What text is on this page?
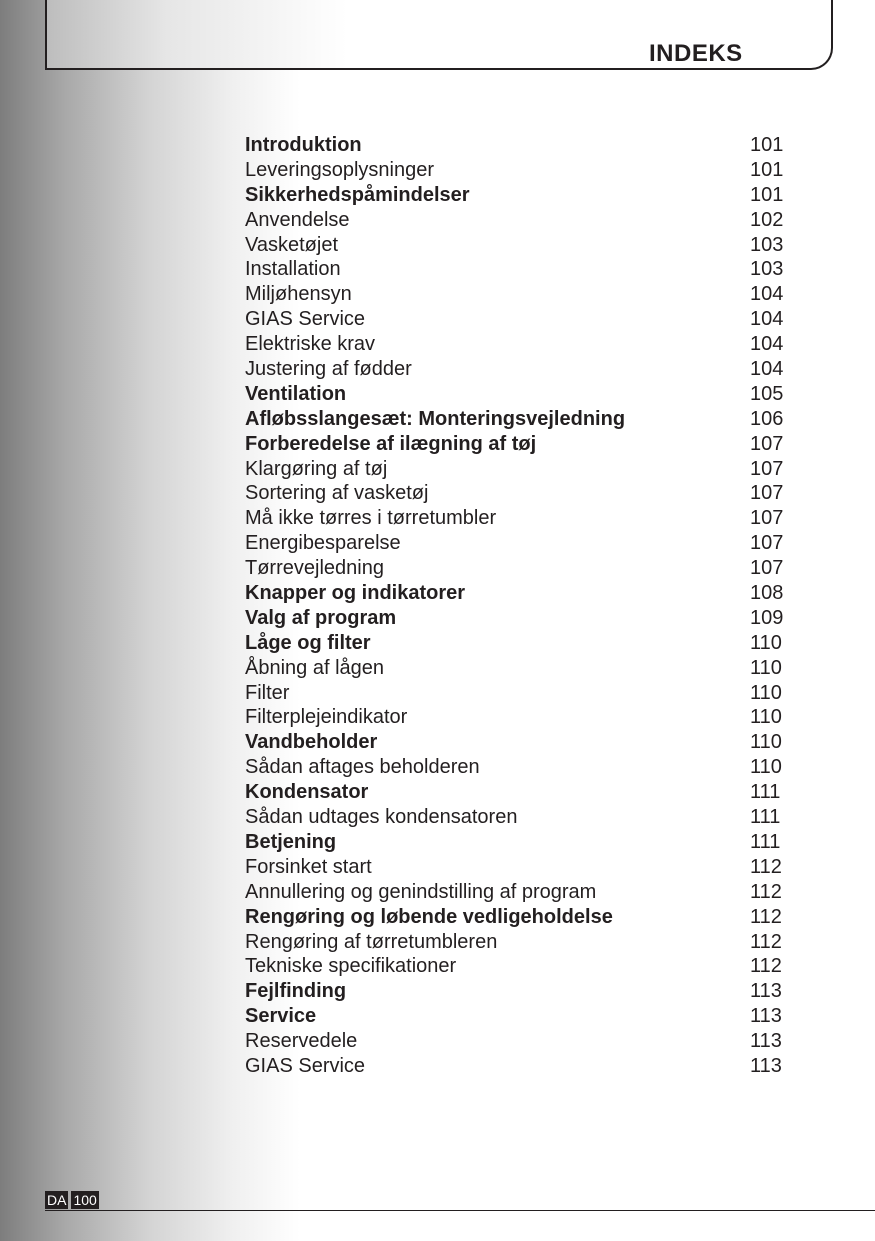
INDEKS
Introduktion	101
Leveringsoplysninger	101
Sikkerhedspåmindelser	101
Anvendelse	102
Vasketøjet	103
Installation	103
Miljøhensyn	104
GIAS Service	104
Elektriske krav	104
Justering af fødder	104
Ventilation	105
Afløbsslangesæt: Monteringsvejledning	106
Forberedelse af ilægning af tøj	107
Klargøring af tøj	107
Sortering af vasketøj	107
Må ikke tørres i tørretumbler	107
Energibesparelse	107
Tørrevejledning	107
Knapper og indikatorer	108
Valg af program	109
Låge og filter	110
Åbning af lågen	110
Filter	110
Filterplejeindikator	110
Vandbeholder	110
Sådan aftages beholderen	110
Kondensator	111
Sådan udtages kondensatoren	111
Betjening	111
Forsinket start	112
Annullering og genindstilling af program	112
Rengøring og løbende vedligeholdelse	112
Rengøring af tørretumbleren	112
Tekniske specifikationer	112
Fejlfinding	113
Service	113
Reservedele	113
GIAS Service	113
DA 100
